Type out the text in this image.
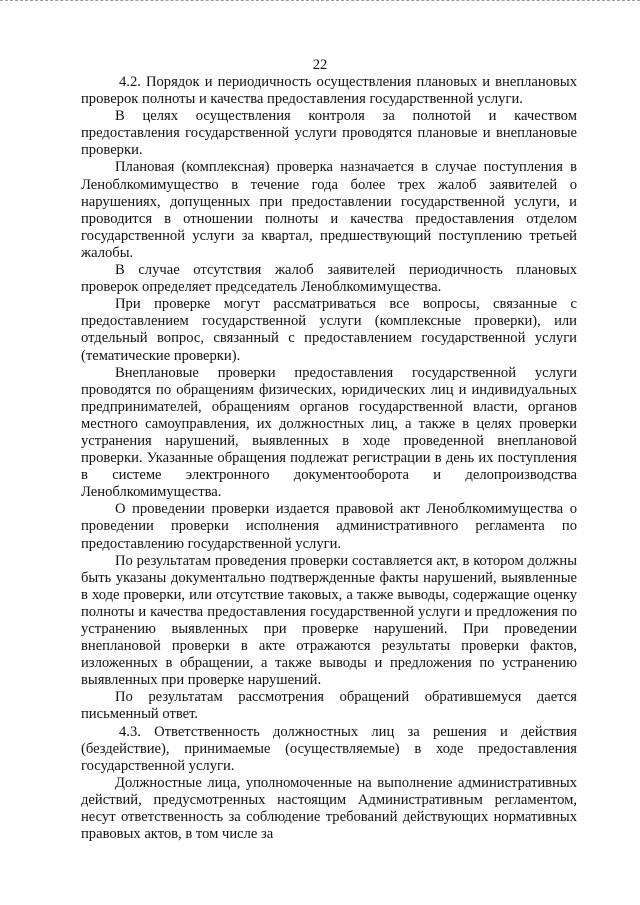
22

4.2. Порядок и периодичность осуществления плановых и внеплановых проверок полноты и качества предоставления государственной услуги.

В целях осуществления контроля за полнотой и качеством предоставления государственной услуги проводятся плановые и внеплановые проверки.

Плановая (комплексная) проверка назначается в случае поступления в Леноблкомимущество в течение года более трех жалоб заявителей о нарушениях, допущенных при предоставлении государственной услуги, и проводится в отношении полноты и качества предоставления отделом государственной услуги за квартал, предшествующий поступлению третьей жалобы.

В случае отсутствия жалоб заявителей периодичность плановых проверок определяет председатель Леноблкомимущества.

При проверке могут рассматриваться все вопросы, связанные с предоставлением государственной услуги (комплексные проверки), или отдельный вопрос, связанный с предоставлением государственной услуги (тематические проверки).

Внеплановые проверки предоставления государственной услуги проводятся по обращениям физических, юридических лиц и индивидуальных предпринимателей, обращениям органов государственной власти, органов местного самоуправления, их должностных лиц, а также в целях проверки устранения нарушений, выявленных в ходе проведенной внеплановой проверки. Указанные обращения подлежат регистрации в день их поступления в системе электронного документооборота и делопроизводства Леноблкомимущества.

О проведении проверки издается правовой акт Леноблкомимущества о проведении проверки исполнения административного регламента по предоставлению государственной услуги.

По результатам проведения проверки составляется акт, в котором должны быть указаны документально подтвержденные факты нарушений, выявленные в ходе проверки, или отсутствие таковых, а также выводы, содержащие оценку полноты и качества предоставления государственной услуги и предложения по устранению выявленных при проверке нарушений. При проведении внеплановой проверки в акте отражаются результаты проверки фактов, изложенных в обращении, а также выводы и предложения по устранению выявленных при проверке нарушений.

По результатам рассмотрения обращений обратившемуся дается письменный ответ.

4.3. Ответственность должностных лиц за решения и действия (бездействие), принимаемые (осуществляемые) в ходе предоставления государственной услуги.

Должностные лица, уполномоченные на выполнение административных действий, предусмотренных настоящим Административным регламентом, несут ответственность за соблюдение требований действующих нормативных правовых актов, в том числе за
